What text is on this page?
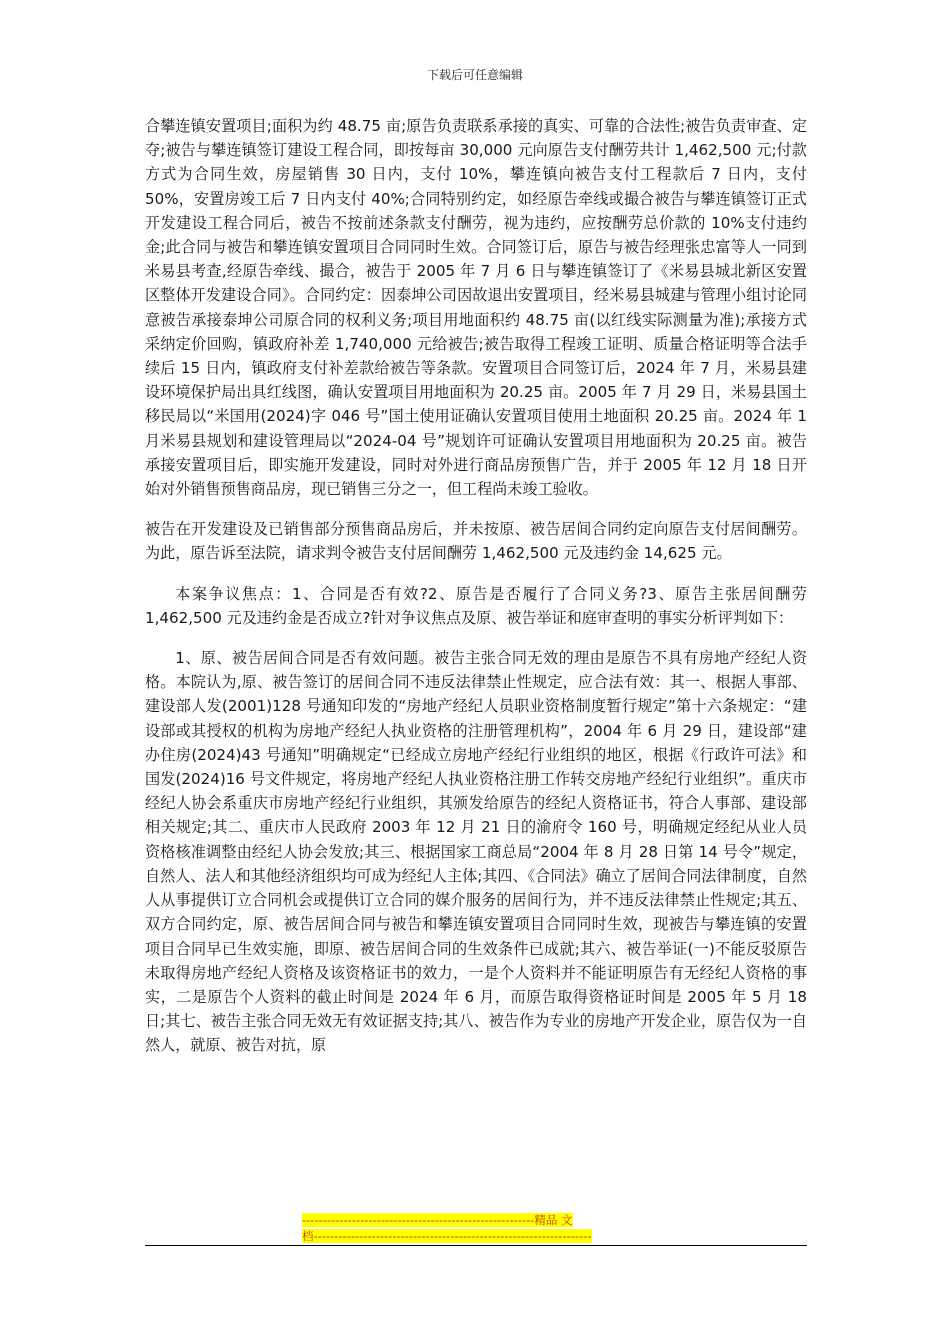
下载后可任意编辑

合攀连镇安置项目;面积为约 48.75 亩;原告负责联系承接的真实、可靠的合法性;被告负责审查、定夺;被告与攀连镇签订建设工程合同，即按每亩 30,000 元向原告支付酬劳共计 1,462,500 元;付款方式为合同生效，房屋销售 30 日内，支付 10%，攀连镇向被告支付工程款后 7 日内，支付 50%，安置房竣工后 7 日内支付 40%;合同特别约定，如经原告牵线或撮合被告与攀连镇签订正式开发建设工程合同后，被告不按前述条款支付酬劳，视为违约，应按酬劳总价款的 10%支付违约金;此合同与被告和攀连镇安置项目合同同时生效。合同签订后，原告与被告经理张忠富等人一同到米易县考查,经原告牵线、撮合，被告于 2005 年 7 月 6 日与攀连镇签订了《米易县城北新区安置区整体开发建设合同》。合同约定：因泰坤公司因故退出安置项目，经米易县城建与管理小组讨论同意被告承接泰坤公司原合同的权利义务;项目用地面积约 48.75 亩(以红线实际测量为准);承接方式采纳定价回购，镇政府补差 1,740,000 元给被告;被告取得工程竣工证明、质量合格证明等合法手续后 15 日内，镇政府支付补差款给被告等条款。安置项目合同签订后，2024 年 7 月，米易县建设环境保护局出具红线图，确认安置项目用地面积为 20.25 亩。2005 年 7 月 29 日，米易县国土移民局以“米国用(2024)字 046 号”国土使用证确认安置项目使用土地面积 20.25 亩。2024 年 1 月米易县规划和建设管理局以“2024-04 号”规划许可证确认安置项目用地面积为 20.25 亩。被告承接安置项目后，即实施开发建设，同时对外进行商品房预售广告，并于 2005 年 12 月 18 日开始对外销售预售商品房，现已销售三分之一，但工程尚未竣工验收。

被告在开发建设及已销售部分预售商品房后，并未按原、被告居间合同约定向原告支付居间酬劳。为此，原告诉至法院，请求判令被告支付居间酬劳 1,462,500 元及违约金 14,625 元。

本案争议焦点：1、合同是否有效?2、原告是否履行了合同义务?3、原告主张居间酬劳 1,462,500 元及违约金是否成立?针对争议焦点及原、被告举证和庭审查明的事实分析评判如下：

1、原、被告居间合同是否有效问题。被告主张合同无效的理由是原告不具有房地产经纪人资格。本院认为,原、被告签订的居间合同不违反法律禁止性规定，应合法有效：其一、根据人事部、建设部人发(2001)128 号通知印发的“房地产经纪人员职业资格制度暂行规定”第十六条规定：“建设部或其授权的机构为房地产经纪人执业资格的注册管理机构”，2004 年 6 月 29 日，建设部“建办住房(2024)43 号通知”明确规定“已经成立房地产经纪行业组织的地区，根据《行政许可法》和国发(2024)16 号文件规定，将房地产经纪人执业资格注册工作转交房地产经纪行业组织”。重庆市经纪人协会系重庆市房地产经纪行业组织，其颁发给原告的经纪人资格证书，符合人事部、建设部相关规定;其二、重庆市人民政府 2003 年 12 月 21 日的渝府令 160 号，明确规定经纪从业人员资格核准调整由经纪人协会发放;其三、根据国家工商总局“2004 年 8 月 28 日第 14 号令”规定，自然人、法人和其他经济组织均可成为经纪人主体;其四、《合同法》确立了居间合同法律制度，自然人从事提供订立合同机会或提供订立合同的媒介服务的居间行为，并不违反法律禁止性规定;其五、双方合同约定，原、被告居间合同与被告和攀连镇安置项目合同同时生效，现被告与攀连镇的安置项目合同早已生效实施，即原、被告居间合同的生效条件已成就;其六、被告举证(一)不能反驳原告未取得房地产经纪人资格及该资格证书的效力，一是个人资料并不能证明原告有无经纪人资格的事实，二是原告个人资料的截止时间是 2024 年 6 月，而原告取得资格证时间是 2005 年 5 月 18 日;其七、被告主张合同无效无有效证据支持;其八、被告作为专业的房地产开发企业，原告仅为一自然人，就原、被告对抗，原

--------------------------------------------------------精品 文
档-------------------------------------------------------------------
